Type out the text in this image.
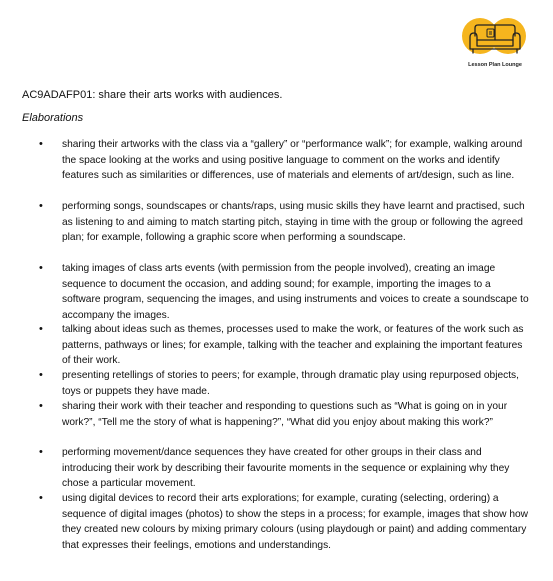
Lesson Plan Lounge
AC9ADAFP01: share their arts works with audiences.
Elaborations
• sharing their artworks with the class via a “gallery” or “performance walk”; for example, walking around the space looking at the works and using positive language to comment on the works and identify features such as similarities or differences, use of materials and elements of art/design, such as line.
• performing songs, soundscapes or chants/raps, using music skills they have learnt and practised, such as listening to and aiming to match starting pitch, staying in time with the group or following the agreed plan; for example, following a graphic score when performing a soundscape.
• taking images of class arts events (with permission from the people involved), creating an image sequence to document the occasion, and adding sound; for example, importing the images to a software program, sequencing the images, and using instruments and voices to create a soundscape to accompany the images.
• talking about ideas such as themes, processes used to make the work, or features of the work such as patterns, pathways or lines; for example, talking with the teacher and explaining the important features of their work.
• presenting retellings of stories to peers; for example, through dramatic play using repurposed objects, toys or puppets they have made.
• sharing their work with their teacher and responding to questions such as “What is going on in your work?”, “Tell me the story of what is happening?”, “What did you enjoy about making this work?”
• performing movement/dance sequences they have created for other groups in their class and introducing their work by describing their favourite moments in the sequence or explaining why they chose a particular movement.
• using digital devices to record their arts explorations; for example, curating (selecting, ordering) a sequence of digital images (photos) to show the steps in a process; for example, images that show how they created new colours by mixing primary colours (using playdough or paint) and adding commentary that expresses their feelings, emotions and understandings.
